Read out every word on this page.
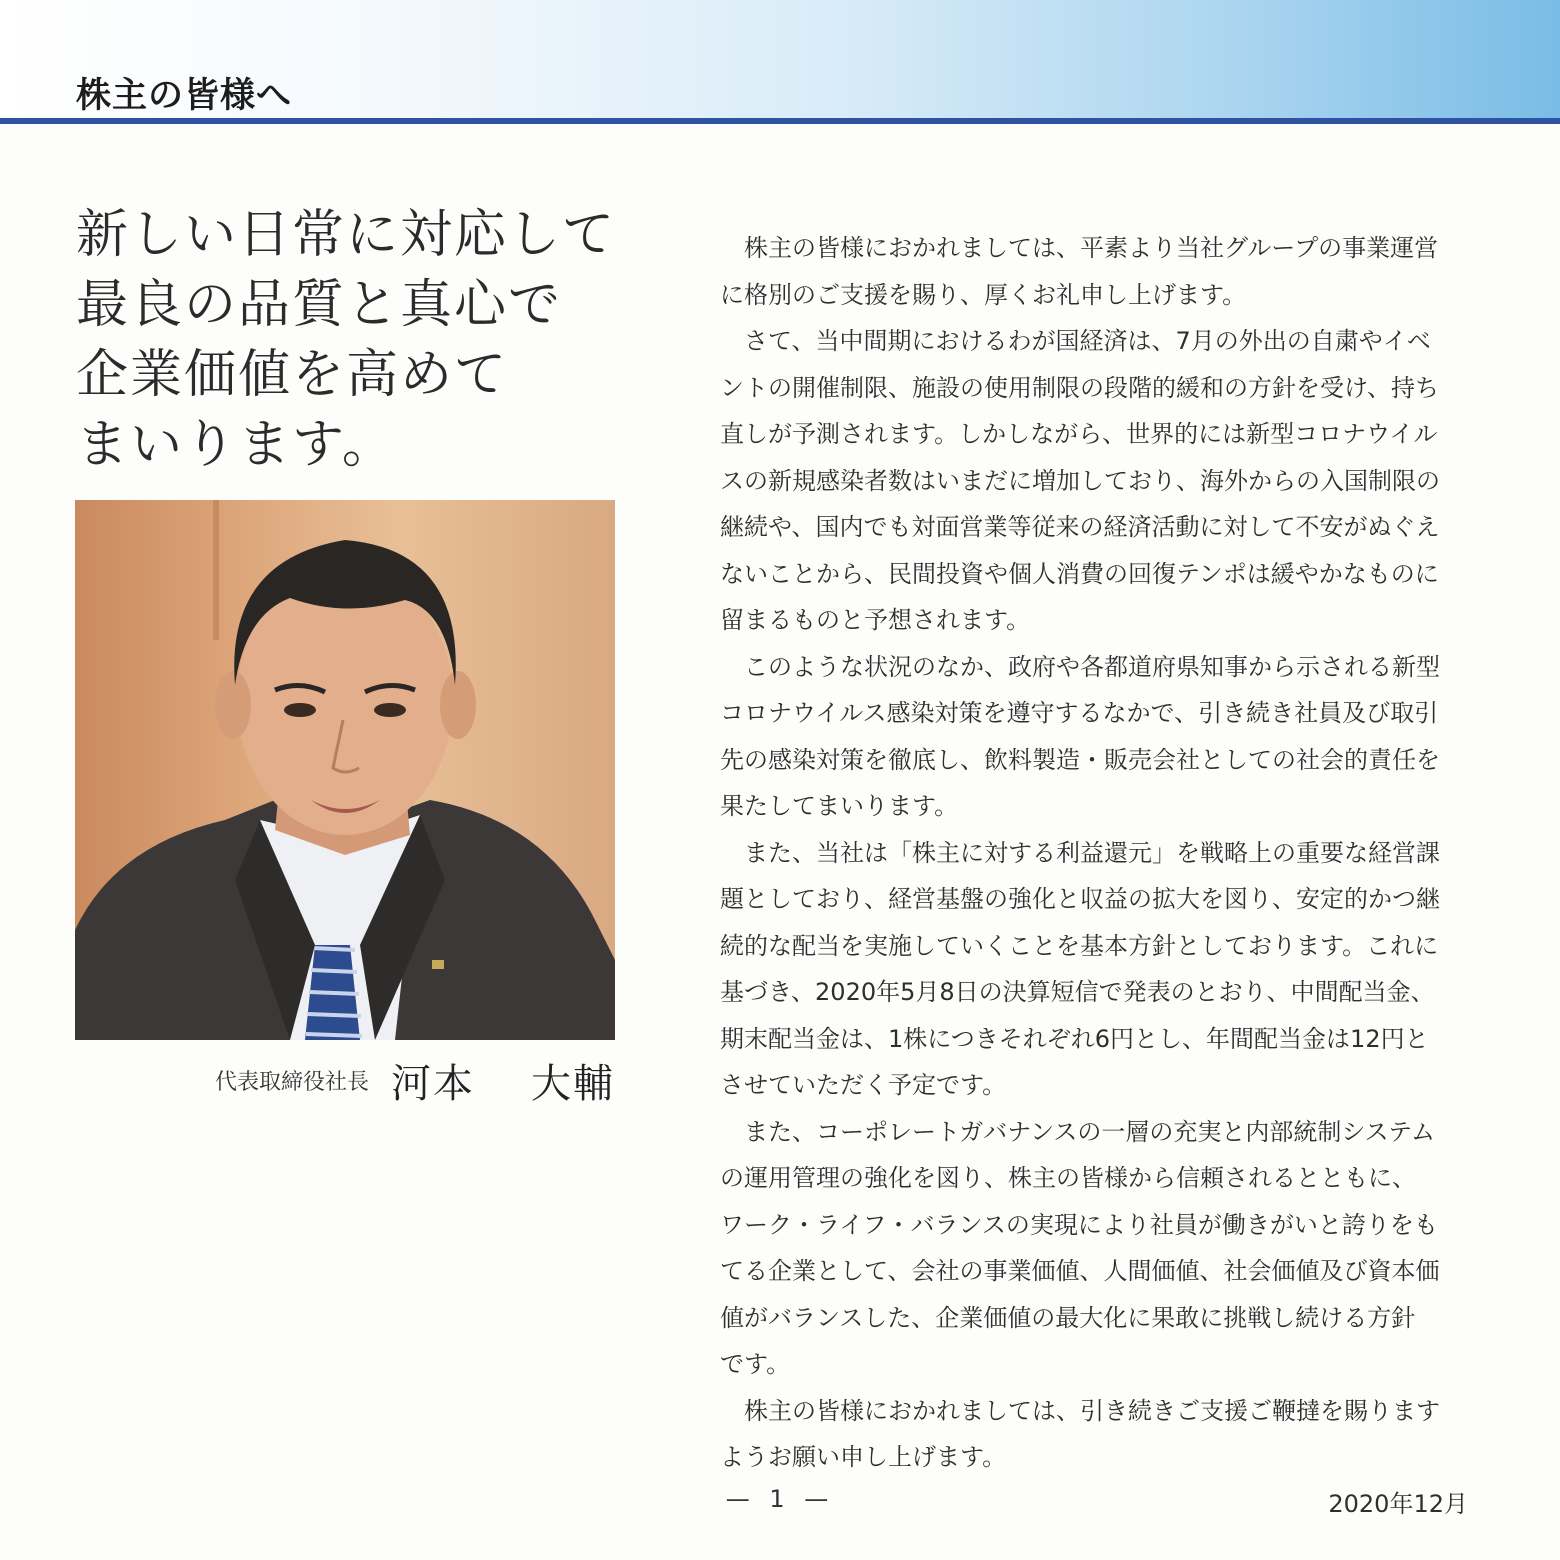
株主の皆様へ
新しい日常に対応して
最良の品質と真心で
企業価値を高めて
まいります。
代表取締役社長 河本 大輔
　株主の皆様におかれましては、平素より当社グループの事業運営
に格別のご支援を賜り、厚くお礼申し上げます。
　さて、当中間期におけるわが国経済は、7月の外出の自粛やイベ
ントの開催制限、施設の使用制限の段階的緩和の方針を受け、持ち
直しが予測されます。しかしながら、世界的には新型コロナウイル
スの新規感染者数はいまだに増加しており、海外からの入国制限の
継続や、国内でも対面営業等従来の経済活動に対して不安がぬぐえ
ないことから、民間投資や個人消費の回復テンポは緩やかなものに
留まるものと予想されます。
　このような状況のなか、政府や各都道府県知事から示される新型
コロナウイルス感染対策を遵守するなかで、引き続き社員及び取引
先の感染対策を徹底し、飲料製造・販売会社としての社会的責任を
果たしてまいります。
　また、当社は「株主に対する利益還元」を戦略上の重要な経営課
題としており、経営基盤の強化と収益の拡大を図り、安定的かつ継
続的な配当を実施していくことを基本方針としております。これに
基づき、2020年5月8日の決算短信で発表のとおり、中間配当金、
期末配当金は、1株につきそれぞれ6円とし、年間配当金は12円と
させていただく予定です。
　また、コーポレートガバナンスの一層の充実と内部統制システム
の運用管理の強化を図り、株主の皆様から信頼されるとともに、
ワーク・ライフ・バランスの実現により社員が働きがいと誇りをも
てる企業として、会社の事業価値、人間価値、社会価値及び資本価
値がバランスした、企業価値の最大化に果敢に挑戦し続ける方針
です。
　株主の皆様におかれましては、引き続きご支援ご鞭撻を賜ります
ようお願い申し上げます。
2020年12月
— 1 —
